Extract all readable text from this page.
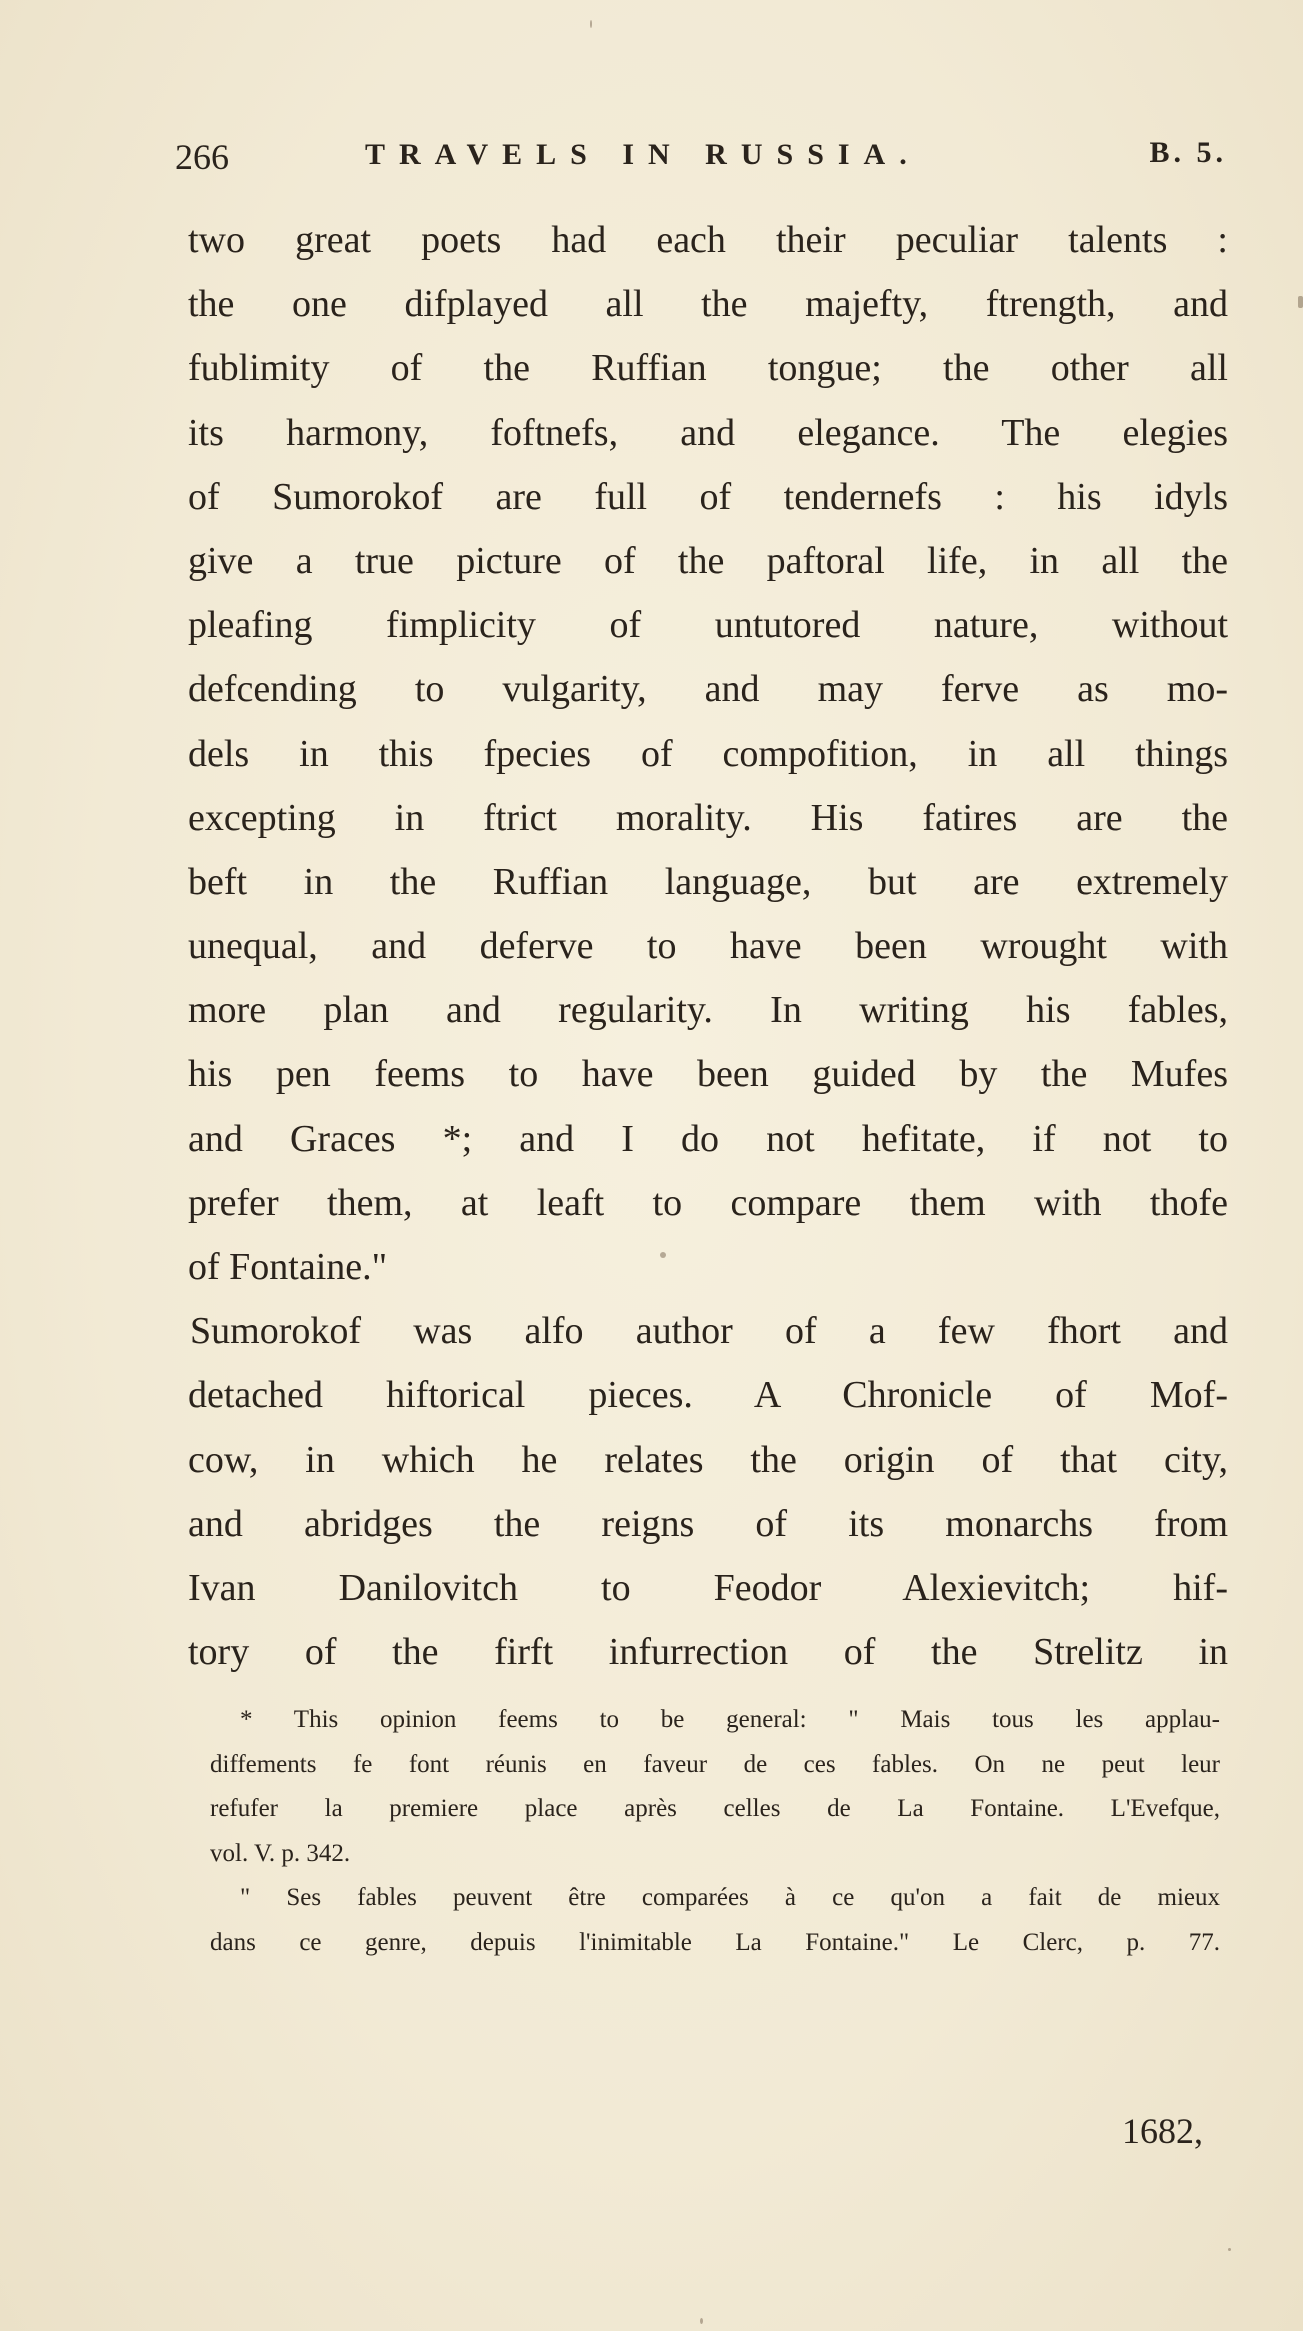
266	TRAVELS IN RUSSIA.	B. 5.
two great poets had each their peculiar talents :
the one difplayed all the majefty, ftrength, and
fublimity of the Ruffian tongue; the other all
its harmony, foftnefs, and elegance. The elegies
of Sumorokof are full of tendernefs : his idyls
give a true picture of the paftoral life, in all the
pleafing fimplicity of untutored nature, without
defcending to vulgarity, and may ferve as mo-
dels in this fpecies of compofition, in all things
excepting in ftrict morality. His fatires are the
beft in the Ruffian language, but are extremely
unequal, and deferve to have been wrought with
more plan and regularity. In writing his fables,
his pen feems to have been guided by the Mufes
and Graces *; and I do not hefitate, if not to
prefer them, at leaft to compare them with thofe
of Fontaine."
Sumorokof was alfo author of a few fhort and
detached hiftorical pieces. A Chronicle of Mof-
cow, in which he relates the origin of that city,
and abridges the reigns of its monarchs from
Ivan Danilovitch to Feodor Alexievitch; hif-
tory of the firft infurrection of the Strelitz in
* This opinion feems to be general: " Mais tous les applau-
diffements fe font réunis en faveur de ces fables. On ne peut leur
refufer la premiere place après celles de La Fontaine. L'Evefque,
vol. V. p. 342.
" Ses fables peuvent être comparées à ce qu'on a fait de mieux
dans ce genre, depuis l'inimitable La Fontaine." Le Clerc, p. 77.
1682,
